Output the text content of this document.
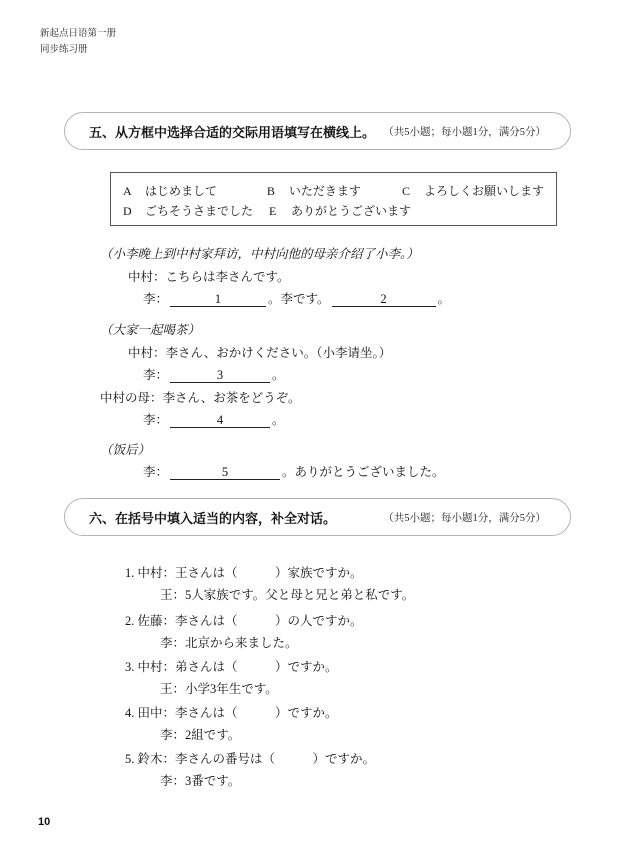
新起点日语第一册
同步练习册
五、从方框中选择合适的交际用语填写在横线上。 （共5小题；每小题1分，满分5分）
A はじめまして	B いただきます	C よろしくお願いします
D ごちそうさまでした	E ありがとうございます
（小李晚上到中村家拜访，中村向他的母亲介绍了小李。）
中村：こちらは李さんです。
李：	1	。李です。	2	。
（大家一起喝茶）
中村：李さん、おかけください。（小李请坐。）
李：	3	。
中村の母：李さん、お茶をどうぞ。
李：	4	。
（饭后）
李：	5	。ありがとうございました。
六、在括号中填入适当的内容，补全对话。	（共5小题；每小题1分，满分5分）
1. 中村：王さんは（　　　）家族ですか。
王：5人家族です。父と母と兄と弟と私です。
2. 佐藤：李さんは（　　　）の人ですか。
李：北京から来ました。
3. 中村：弟さんは（　　　）ですか。
王：小学3年生です。
4. 田中：李さんは（　　　）ですか。
李：2組です。
5. 鈴木：李さんの番号は（　　　）ですか。
李：3番です。
10
